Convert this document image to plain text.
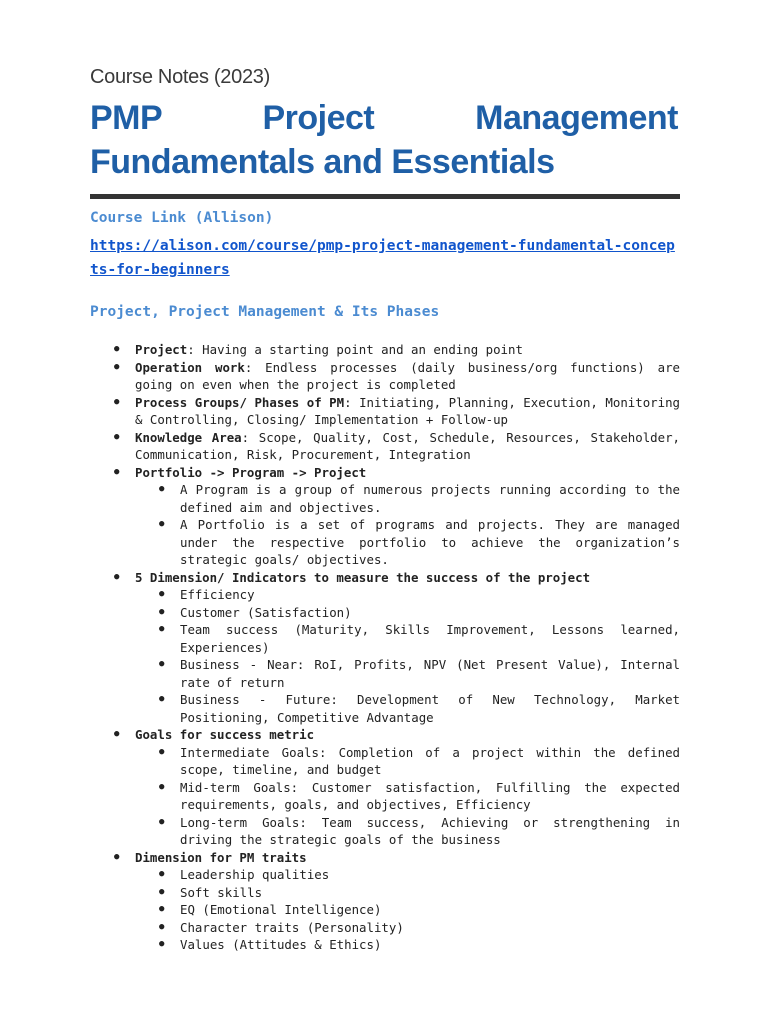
Course Notes (2023)
PMP Project Management Fundamentals and Essentials
Course Link (Allison)
https://alison.com/course/pmp-project-management-fundamental-concepts-for-beginners
Project, Project Management & Its Phases
● Project: Having a starting point and an ending point
● Operation work: Endless processes (daily business/org functions) are going on even when the project is completed
● Process Groups/ Phases of PM: Initiating, Planning, Execution, Monitoring & Controlling, Closing/ Implementation + Follow-up
● Knowledge Area: Scope, Quality, Cost, Schedule, Resources, Stakeholder, Communication, Risk, Procurement, Integration
● Portfolio -> Program -> Project
● A Program is a group of numerous projects running according to the defined aim and objectives.
● A Portfolio is a set of programs and projects. They are managed under the respective portfolio to achieve the organization’s strategic goals/ objectives.
● 5 Dimension/ Indicators to measure the success of the project
● Efficiency
● Customer (Satisfaction)
● Team success (Maturity, Skills Improvement, Lessons learned, Experiences)
● Business - Near: RoI, Profits, NPV (Net Present Value), Internal rate of return
● Business - Future: Development of New Technology, Market Positioning, Competitive Advantage
● Goals for success metric
● Intermediate Goals: Completion of a project within the defined scope, timeline, and budget
● Mid-term Goals: Customer satisfaction, Fulfilling the expected requirements, goals, and objectives, Efficiency
● Long-term Goals: Team success, Achieving or strengthening in driving the strategic goals of the business
● Dimension for PM traits
● Leadership qualities
● Soft skills
● EQ (Emotional Intelligence)
● Character traits (Personality)
● Values (Attitudes & Ethics)
